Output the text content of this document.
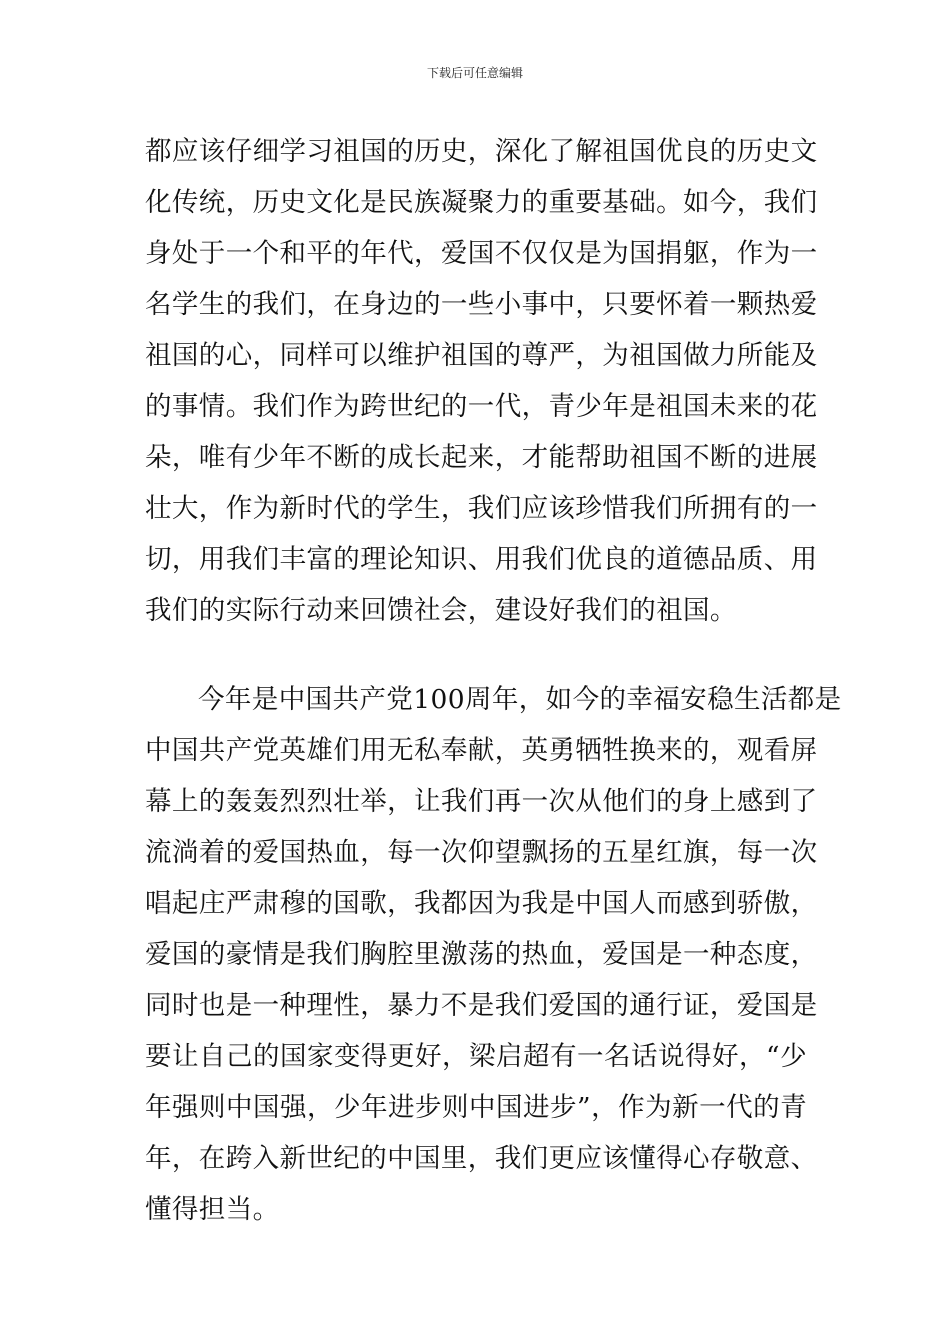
下载后可任意编辑
都应该仔细学习祖国的历史，深化了解祖国优良的历史文
化传统，历史文化是民族凝聚力的重要基础。如今，我们
身处于一个和平的年代，爱国不仅仅是为国捐躯，作为一
名学生的我们，在身边的一些小事中，只要怀着一颗热爱
祖国的心，同样可以维护祖国的尊严，为祖国做力所能及
的事情。我们作为跨世纪的一代，青少年是祖国未来的花
朵，唯有少年不断的成长起来，才能帮助祖国不断的进展
壮大，作为新时代的学生，我们应该珍惜我们所拥有的一
切，用我们丰富的理论知识、用我们优良的道德品质、用
我们的实际行动来回馈社会，建设好我们的祖国。
今年是中国共产党100周年，如今的幸福安稳生活都是
中国共产党英雄们用无私奉献，英勇牺牲换来的，观看屏
幕上的轰轰烈烈壮举，让我们再一次从他们的身上感到了
流淌着的爱国热血，每一次仰望飘扬的五星红旗，每一次
唱起庄严肃穆的国歌，我都因为我是中国人而感到骄傲，
爱国的豪情是我们胸腔里激荡的热血，爱国是一种态度，
同时也是一种理性，暴力不是我们爱国的通行证，爱国是
要让自己的国家变得更好，梁启超有一名话说得好，“少
年强则中国强，少年进步则中国进步”，作为新一代的青
年，在跨入新世纪的中国里，我们更应该懂得心存敬意、
懂得担当。
